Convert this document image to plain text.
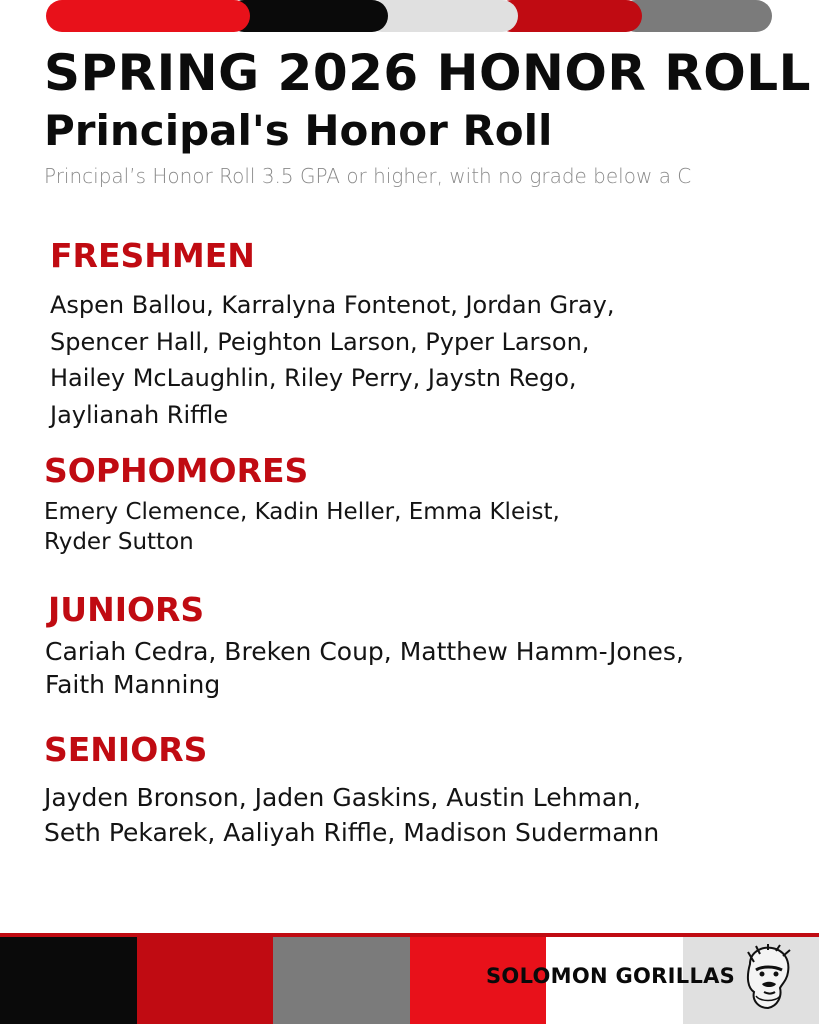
SPRING 2026 HONOR ROLL
Principal's Honor Roll
Principal’s Honor Roll 3.5 GPA or higher, with no grade below a C
FRESHMEN
Aspen Ballou, Karralyna Fontenot, Jordan Gray,
Spencer Hall, Peighton Larson, Pyper Larson,
Hailey McLaughlin, Riley Perry, Jaystn Rego,
Jaylianah Riffle
SOPHOMORES
Emery Clemence, Kadin Heller, Emma Kleist,
Ryder Sutton
JUNIORS
Cariah Cedra, Breken Coup, Matthew Hamm-Jones,
Faith Manning
SENIORS
Jayden Bronson, Jaden Gaskins, Austin Lehman,
Seth Pekarek, Aaliyah Riffle, Madison Sudermann
SOLOMON GORILLAS
